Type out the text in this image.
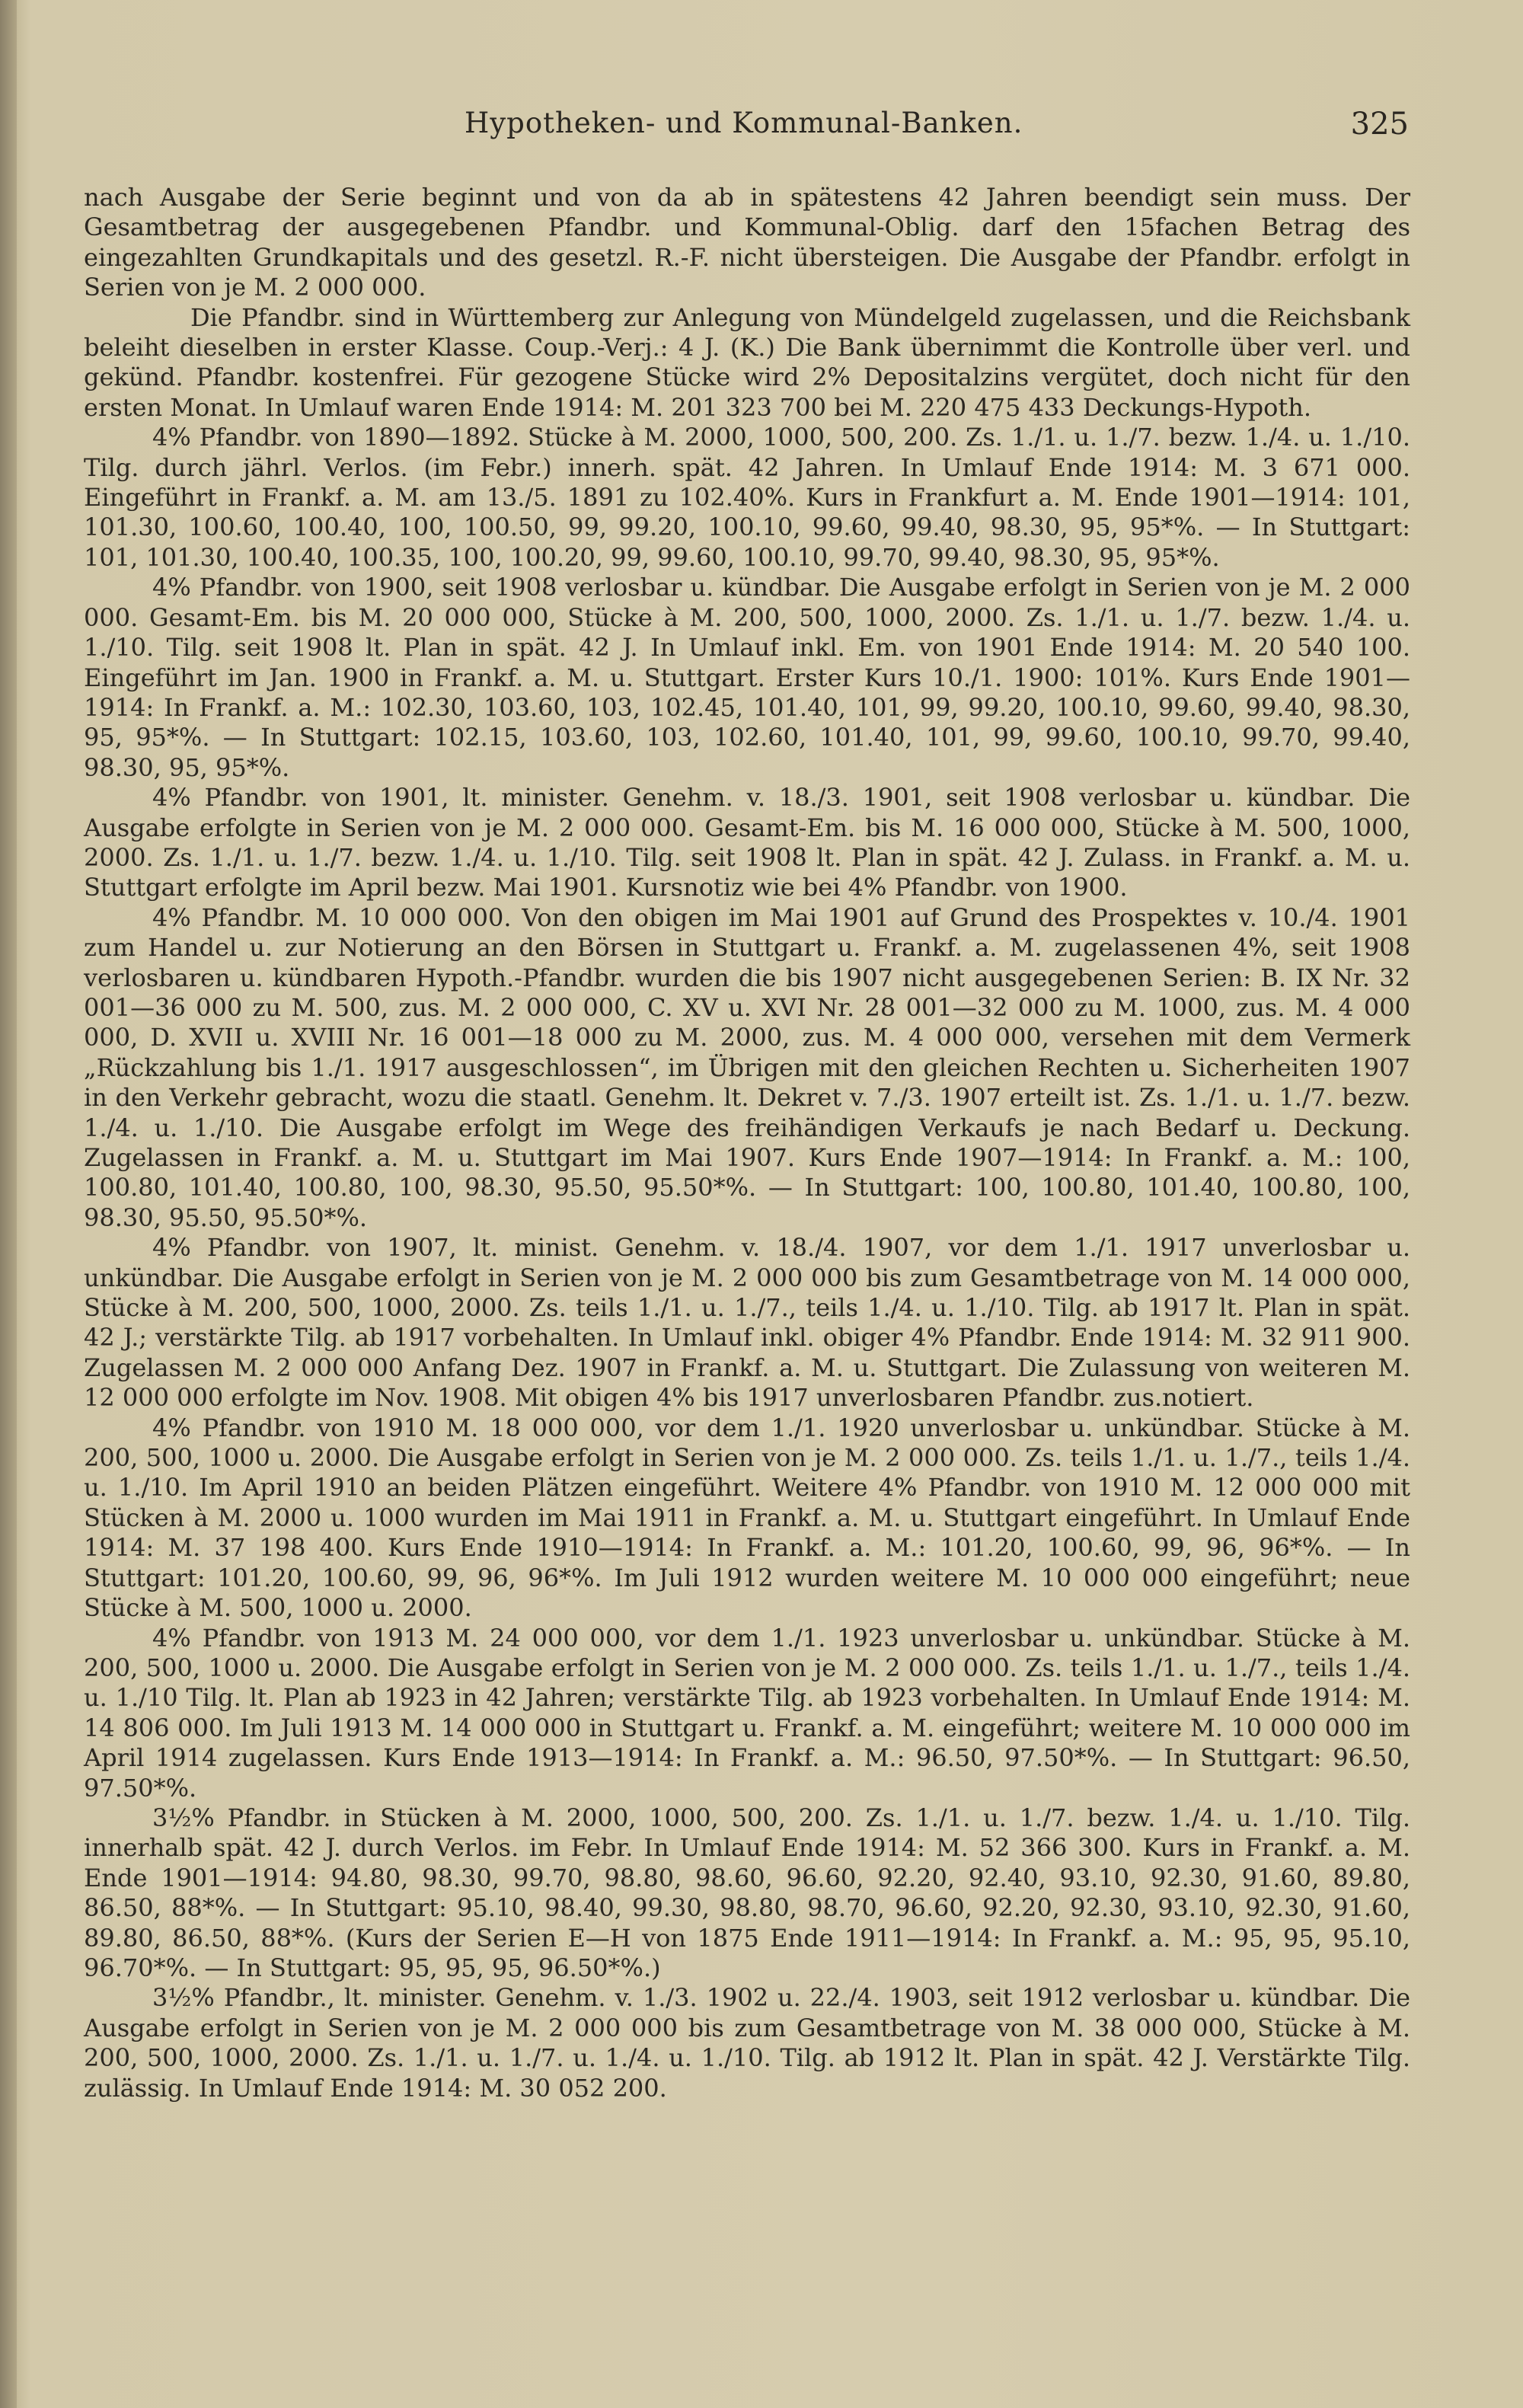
Hypotheken- und Kommunal-Banken.	325

nach Ausgabe der Serie beginnt und von da ab in spätestens 42 Jahren beendigt sein muss. Der Gesamtbetrag der ausgegebenen Pfandbr. und Kommunal-Oblig. darf den 15fachen Betrag des eingezahlten Grundkapitals und des gesetzl. R.-F. nicht übersteigen. Die Ausgabe der Pfandbr. erfolgt in Serien von je M. 2 000 000.

Die Pfandbr. sind in Württemberg zur Anlegung von Mündelgeld zugelassen, und die Reichsbank beleiht dieselben in erster Klasse. Coup.-Verj.: 4 J. (K.) Die Bank übernimmt die Kontrolle über verl. und gekünd. Pfandbr. kostenfrei. Für gezogene Stücke wird 2% Depositalzins vergütet, doch nicht für den ersten Monat. In Umlauf waren Ende 1914: M. 201 323 700 bei M. 220 475 433 Deckungs-Hypoth.

4% Pfandbr. von 1890—1892. Stücke à M. 2000, 1000, 500, 200. Zs. 1./1. u. 1./7. bezw. 1./4. u. 1./10. Tilg. durch jährl. Verlos. (im Febr.) innerh. spät. 42 Jahren. In Umlauf Ende 1914: M. 3 671 000. Eingeführt in Frankf. a. M. am 13./5. 1891 zu 102.40%. Kurs in Frankfurt a. M. Ende 1901—1914: 101, 101.30, 100.60, 100.40, 100, 100.50, 99, 99.20, 100.10, 99.60, 99.40, 98.30, 95, 95*%. — In Stuttgart: 101, 101.30, 100.40, 100.35, 100, 100.20, 99, 99.60, 100.10, 99.70, 99.40, 98.30, 95, 95*%.

4% Pfandbr. von 1900, seit 1908 verlosbar u. kündbar. Die Ausgabe erfolgt in Serien von je M. 2 000 000. Gesamt-Em. bis M. 20 000 000, Stücke à M. 200, 500, 1000, 2000. Zs. 1./1. u. 1./7. bezw. 1./4. u. 1./10. Tilg. seit 1908 lt. Plan in spät. 42 J. In Umlauf inkl. Em. von 1901 Ende 1914: M. 20 540 100. Eingeführt im Jan. 1900 in Frankf. a. M. u. Stuttgart. Erster Kurs 10./1. 1900: 101%. Kurs Ende 1901—1914: In Frankf. a. M.: 102.30, 103.60, 103, 102.45, 101.40, 101, 99, 99.20, 100.10, 99.60, 99.40, 98.30, 95, 95*%. — In Stuttgart: 102.15, 103.60, 103, 102.60, 101.40, 101, 99, 99.60, 100.10, 99.70, 99.40, 98.30, 95, 95*%.

4% Pfandbr. von 1901, lt. minister. Genehm. v. 18./3. 1901, seit 1908 verlosbar u. kündbar. Die Ausgabe erfolgte in Serien von je M. 2 000 000. Gesamt-Em. bis M. 16 000 000, Stücke à M. 500, 1000, 2000. Zs. 1./1. u. 1./7. bezw. 1./4. u. 1./10. Tilg. seit 1908 lt. Plan in spät. 42 J. Zulass. in Frankf. a. M. u. Stuttgart erfolgte im April bezw. Mai 1901. Kursnotiz wie bei 4% Pfandbr. von 1900.

4% Pfandbr. M. 10 000 000. Von den obigen im Mai 1901 auf Grund des Prospektes v. 10./4. 1901 zum Handel u. zur Notierung an den Börsen in Stuttgart u. Frankf. a. M. zugelassenen 4%, seit 1908 verlosbaren u. kündbaren Hypoth.-Pfandbr. wurden die bis 1907 nicht ausgegebenen Serien: B. IX Nr. 32 001—36 000 zu M. 500, zus. M. 2 000 000, C. XV u. XVI Nr. 28 001—32 000 zu M. 1000, zus. M. 4 000 000, D. XVII u. XVIII Nr. 16 001—18 000 zu M. 2000, zus. M. 4 000 000, versehen mit dem Vermerk „Rückzahlung bis 1./1. 1917 ausgeschlossen“, im Übrigen mit den gleichen Rechten u. Sicherheiten 1907 in den Verkehr gebracht, wozu die staatl. Genehm. lt. Dekret v. 7./3. 1907 erteilt ist. Zs. 1./1. u. 1./7. bezw. 1./4. u. 1./10. Die Ausgabe erfolgt im Wege des freihändigen Verkaufs je nach Bedarf u. Deckung. Zugelassen in Frankf. a. M. u. Stuttgart im Mai 1907. Kurs Ende 1907—1914: In Frankf. a. M.: 100, 100.80, 101.40, 100.80, 100, 98.30, 95.50, 95.50*%. — In Stuttgart: 100, 100.80, 101.40, 100.80, 100, 98.30, 95.50, 95.50*%.

4% Pfandbr. von 1907, lt. minist. Genehm. v. 18./4. 1907, vor dem 1./1. 1917 unverlosbar u. unkündbar. Die Ausgabe erfolgt in Serien von je M. 2 000 000 bis zum Gesamtbetrage von M. 14 000 000, Stücke à M. 200, 500, 1000, 2000. Zs. teils 1./1. u. 1./7., teils 1./4. u. 1./10. Tilg. ab 1917 lt. Plan in spät. 42 J.; verstärkte Tilg. ab 1917 vorbehalten. In Umlauf inkl. obiger 4% Pfandbr. Ende 1914: M. 32 911 900. Zugelassen M. 2 000 000 Anfang Dez. 1907 in Frankf. a. M. u. Stuttgart. Die Zulassung von weiteren M. 12 000 000 erfolgte im Nov. 1908. Mit obigen 4% bis 1917 unverlosbaren Pfandbr. zus.notiert.

4% Pfandbr. von 1910 M. 18 000 000, vor dem 1./1. 1920 unverlosbar u. unkündbar. Stücke à M. 200, 500, 1000 u. 2000. Die Ausgabe erfolgt in Serien von je M. 2 000 000. Zs. teils 1./1. u. 1./7., teils 1./4. u. 1./10. Im April 1910 an beiden Plätzen eingeführt. Weitere 4% Pfandbr. von 1910 M. 12 000 000 mit Stücken à M. 2000 u. 1000 wurden im Mai 1911 in Frankf. a. M. u. Stuttgart eingeführt. In Umlauf Ende 1914: M. 37 198 400. Kurs Ende 1910—1914: In Frankf. a. M.: 101.20, 100.60, 99, 96, 96*%. — In Stuttgart: 101.20, 100.60, 99, 96, 96*%. Im Juli 1912 wurden weitere M. 10 000 000 eingeführt; neue Stücke à M. 500, 1000 u. 2000.

4% Pfandbr. von 1913 M. 24 000 000, vor dem 1./1. 1923 unverlosbar u. unkündbar. Stücke à M. 200, 500, 1000 u. 2000. Die Ausgabe erfolgt in Serien von je M. 2 000 000. Zs. teils 1./1. u. 1./7., teils 1./4. u. 1./10 Tilg. lt. Plan ab 1923 in 42 Jahren; verstärkte Tilg. ab 1923 vorbehalten. In Umlauf Ende 1914: M. 14 806 000. Im Juli 1913 M. 14 000 000 in Stuttgart u. Frankf. a. M. eingeführt; weitere M. 10 000 000 im April 1914 zugelassen. Kurs Ende 1913—1914: In Frankf. a. M.: 96.50, 97.50*%. — In Stuttgart: 96.50, 97.50*%.

3½% Pfandbr. in Stücken à M. 2000, 1000, 500, 200. Zs. 1./1. u. 1./7. bezw. 1./4. u. 1./10. Tilg. innerhalb spät. 42 J. durch Verlos. im Febr. In Umlauf Ende 1914: M. 52 366 300. Kurs in Frankf. a. M. Ende 1901—1914: 94.80, 98.30, 99.70, 98.80, 98.60, 96.60, 92.20, 92.40, 93.10, 92.30, 91.60, 89.80, 86.50, 88*%. — In Stuttgart: 95.10, 98.40, 99.30, 98.80, 98.70, 96.60, 92.20, 92.30, 93.10, 92.30, 91.60, 89.80, 86.50, 88*%. (Kurs der Serien E—H von 1875 Ende 1911—1914: In Frankf. a. M.: 95, 95, 95.10, 96.70*%. — In Stuttgart: 95, 95, 95, 96.50*%.)

3½% Pfandbr., lt. minister. Genehm. v. 1./3. 1902 u. 22./4. 1903, seit 1912 verlosbar u. kündbar. Die Ausgabe erfolgt in Serien von je M. 2 000 000 bis zum Gesamtbetrage von M. 38 000 000, Stücke à M. 200, 500, 1000, 2000. Zs. 1./1. u. 1./7. u. 1./4. u. 1./10. Tilg. ab 1912 lt. Plan in spät. 42 J. Verstärkte Tilg. zulässig. In Umlauf Ende 1914: M. 30 052 200.
